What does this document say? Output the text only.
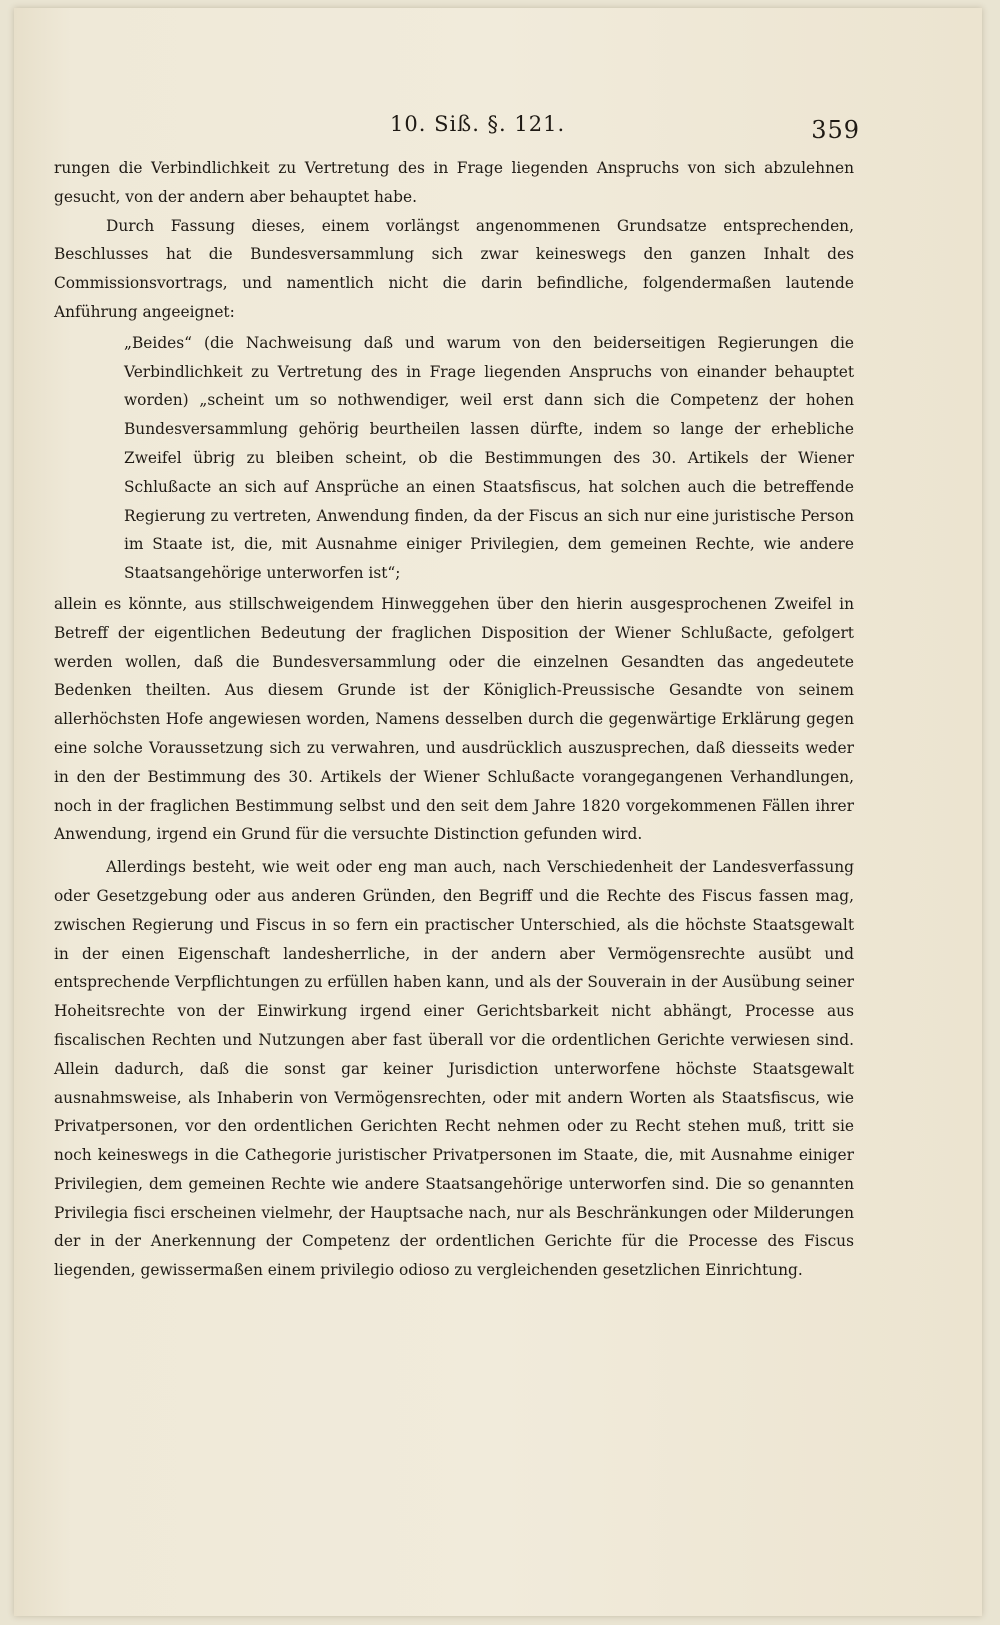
10. Siß. §. 121.	359

rungen die Verbindlichkeit zu Vertretung des in Frage liegenden Anspruchs von sich abzulehnen gesucht, von der andern aber behauptet habe.

Durch Fassung dieses, einem vorlängst angenommenen Grundsatze entsprechenden, Beschlusses hat die Bundesversammlung sich zwar keineswegs den ganzen Inhalt des Commissionsvortrags, und namentlich nicht die darin befindliche, folgendermaßen lautende Anführung angeeignet:

„Beides“ (die Nachweisung daß und warum von den beiderseitigen Regierungen die Verbindlichkeit zu Vertretung des in Frage liegenden Anspruchs von einander behauptet worden) „scheint um so nothwendiger, weil erst dann sich die Competenz der hohen Bundesversammlung gehörig beurtheilen lassen dürfte, indem so lange der erhebliche Zweifel übrig zu bleiben scheint, ob die Bestimmungen des 30. Artikels der Wiener Schlußacte an sich auf Ansprüche an einen Staatsfiscus, hat solchen auch die betreffende Regierung zu vertreten, Anwendung finden, da der Fiscus an sich nur eine juristische Person im Staate ist, die, mit Ausnahme einiger Privilegien, dem gemeinen Rechte, wie andere Staatsangehörige unterworfen ist“;

allein es könnte, aus stillschweigendem Hinweggehen über den hierin ausgesprochenen Zweifel in Betreff der eigentlichen Bedeutung der fraglichen Disposition der Wiener Schlußacte, gefolgert werden wollen, daß die Bundesversammlung oder die einzelnen Gesandten das angedeutete Bedenken theilten. Aus diesem Grunde ist der Königlich-Preussische Gesandte von seinem allerhöchsten Hofe angewiesen worden, Namens desselben durch die gegenwärtige Erklärung gegen eine solche Voraussetzung sich zu verwahren, und ausdrücklich auszusprechen, daß diesseits weder in den der Bestimmung des 30. Artikels der Wiener Schlußacte vorangegangenen Verhandlungen, noch in der fraglichen Bestimmung selbst und den seit dem Jahre 1820 vorgekommenen Fällen ihrer Anwendung, irgend ein Grund für die versuchte Distinction gefunden wird.

Allerdings besteht, wie weit oder eng man auch, nach Verschiedenheit der Landesverfassung oder Gesetzgebung oder aus anderen Gründen, den Begriff und die Rechte des Fiscus fassen mag, zwischen Regierung und Fiscus in so fern ein practischer Unterschied, als die höchste Staatsgewalt in der einen Eigenschaft landesherrliche, in der andern aber Vermögensrechte ausübt und entsprechende Verpflichtungen zu erfüllen haben kann, und als der Souverain in der Ausübung seiner Hoheitsrechte von der Einwirkung irgend einer Gerichtsbarkeit nicht abhängt, Processe aus fiscalischen Rechten und Nutzungen aber fast überall vor die ordentlichen Gerichte verwiesen sind. Allein dadurch, daß die sonst gar keiner Jurisdiction unterworfene höchste Staatsgewalt ausnahmsweise, als Inhaberin von Vermögensrechten, oder mit andern Worten als Staatsfiscus, wie Privatpersonen, vor den ordentlichen Gerichten Recht nehmen oder zu Recht stehen muß, tritt sie noch keineswegs in die Cathegorie juristischer Privatpersonen im Staate, die, mit Ausnahme einiger Privilegien, dem gemeinen Rechte wie andere Staatsangehörige unterworfen sind. Die so genannten Privilegia fisci erscheinen vielmehr, der Hauptsache nach, nur als Beschränkungen oder Milderungen der in der Anerkennung der Competenz der ordentlichen Gerichte für die Processe des Fiscus liegenden, gewissermaßen einem privilegio odioso zu vergleichenden gesetzlichen Einrichtung.
